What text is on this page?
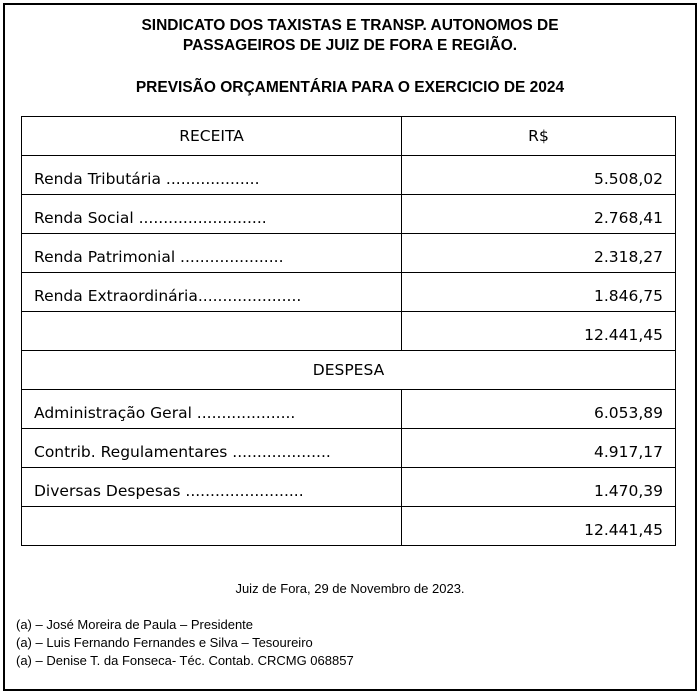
SINDICATO DOS TAXISTAS E TRANSP. AUTONOMOS DE
PASSAGEIROS DE JUIZ DE FORA E REGIÃO.
PREVISÃO ORÇAMENTÁRIA PARA O EXERCICIO DE 2024
RECEITA	R$
Renda Tributária ...................	5.508,02
Renda Social ..........................	2.768,41
Renda Patrimonial .....................	2.318,27
Renda Extraordinária.....................	1.846,75
	12.441,45
DESPESA	
Administração Geral ....................	6.053,89
Contrib. Regulamentares ....................	4.917,17
Diversas Despesas ........................	1.470,39
	12.441,45
Juiz de Fora, 29 de Novembro de 2023.
(a) – José Moreira de Paula – Presidente
(a) – Luis Fernando Fernandes e Silva – Tesoureiro
(a) – Denise T. da Fonseca- Téc. Contab. CRCMG 068857
